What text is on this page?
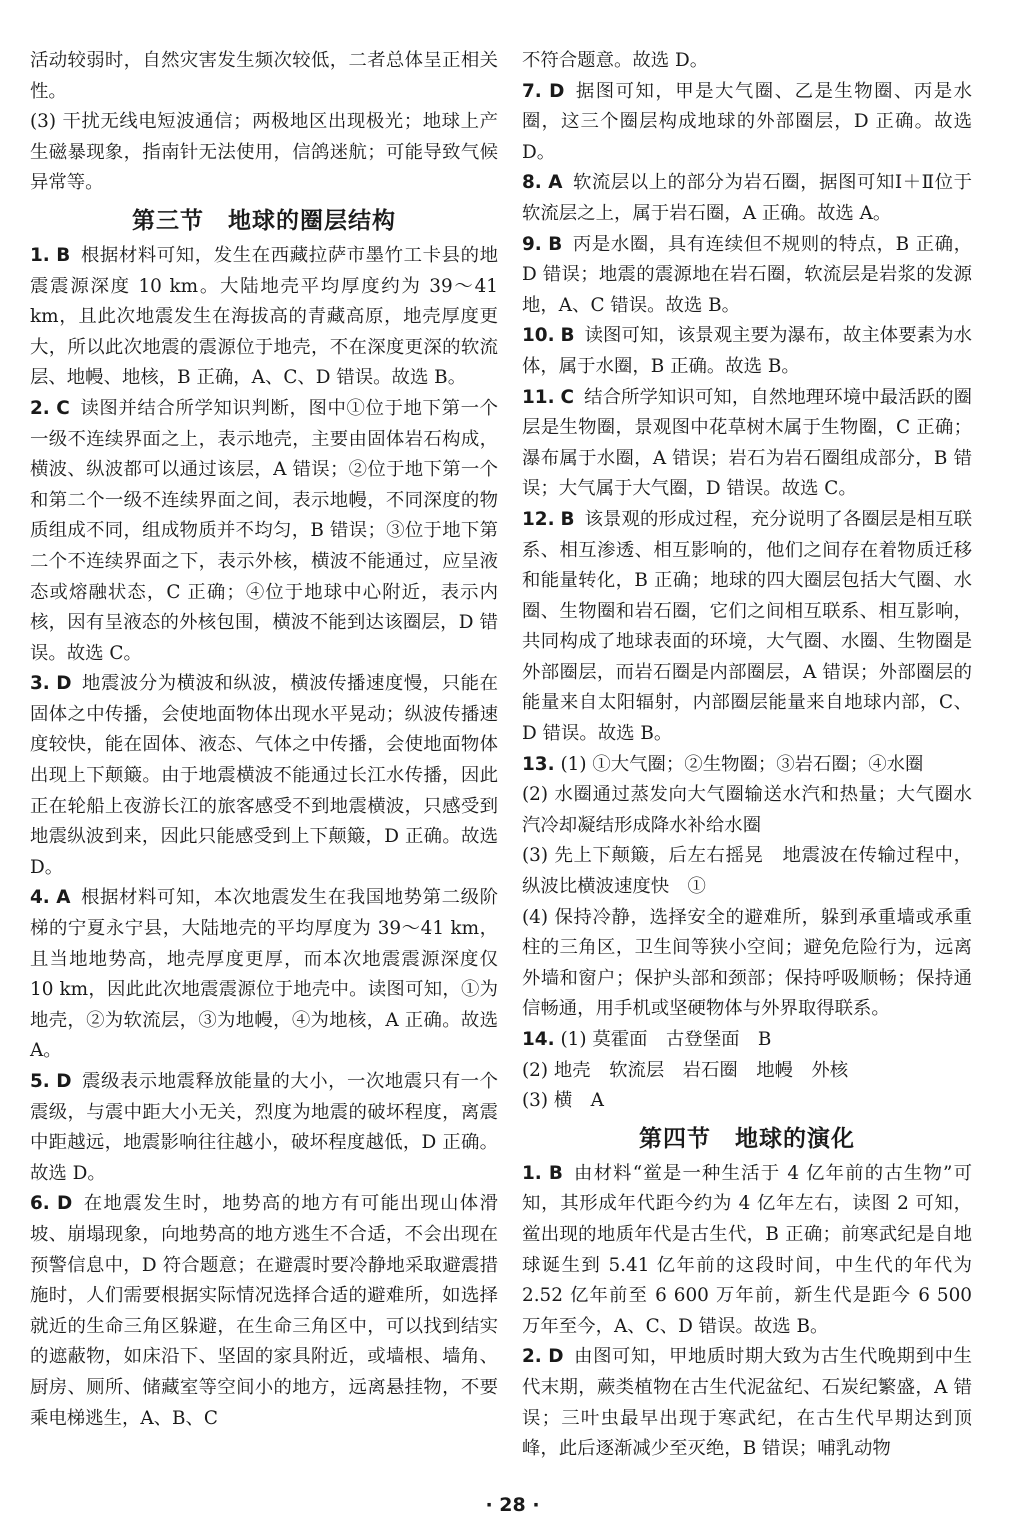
活动较弱时，自然灾害发生频次较低，二者总体呈正相关性。

(3) 干扰无线电短波通信；两极地区出现极光；地球上产生磁暴现象，指南针无法使用，信鸽迷航；可能导致气候异常等。

第三节　地球的圈层结构

1. B 根据材料可知，发生在西藏拉萨市墨竹工卡县的地震震源深度 10 km。大陆地壳平均厚度约为 39～41 km，且此次地震发生在海拔高的青藏高原，地壳厚度更大，所以此次地震的震源位于地壳，不在深度更深的软流层、地幔、地核，B 正确，A、C、D 错误。故选 B。

2. C 读图并结合所学知识判断，图中①位于地下第一个一级不连续界面之上，表示地壳，主要由固体岩石构成，横波、纵波都可以通过该层，A 错误；②位于地下第一个和第二个一级不连续界面之间，表示地幔，不同深度的物质组成不同，组成物质并不均匀，B 错误；③位于地下第二个不连续界面之下，表示外核，横波不能通过，应呈液态或熔融状态，C 正确；④位于地球中心附近，表示内核，因有呈液态的外核包围，横波不能到达该圈层，D 错误。故选 C。

3. D 地震波分为横波和纵波，横波传播速度慢，只能在固体之中传播，会使地面物体出现水平晃动；纵波传播速度较快，能在固体、液态、气体之中传播，会使地面物体出现上下颠簸。由于地震横波不能通过长江水传播，因此正在轮船上夜游长江的旅客感受不到地震横波，只感受到地震纵波到来，因此只能感受到上下颠簸，D 正确。故选 D。

4. A 根据材料可知，本次地震发生在我国地势第二级阶梯的宁夏永宁县，大陆地壳的平均厚度为 39～41 km，且当地地势高，地壳厚度更厚，而本次地震震源深度仅 10 km，因此此次地震震源位于地壳中。读图可知，①为地壳，②为软流层，③为地幔，④为地核，A 正确。故选 A。

5. D 震级表示地震释放能量的大小，一次地震只有一个震级，与震中距大小无关，烈度为地震的破坏程度，离震中距越远，地震影响往往越小，破坏程度越低，D 正确。故选 D。

6. D 在地震发生时，地势高的地方有可能出现山体滑坡、崩塌现象，向地势高的地方逃生不合适，不会出现在预警信息中，D 符合题意；在避震时要冷静地采取避震措施时，人们需要根据实际情况选择合适的避难所，如选择就近的生命三角区躲避，在生命三角区中，可以找到结实的遮蔽物，如床沿下、坚固的家具附近，或墙根、墙角、厨房、厕所、储藏室等空间小的地方，远离悬挂物，不要乘电梯逃生，A、B、C

不符合题意。故选 D。

7. D 据图可知，甲是大气圈、乙是生物圈、丙是水圈，这三个圈层构成地球的外部圈层，D 正确。故选 D。

8. A 软流层以上的部分为岩石圈，据图可知Ⅰ＋Ⅱ位于软流层之上，属于岩石圈，A 正确。故选 A。

9. B 丙是水圈，具有连续但不规则的特点，B 正确，D 错误；地震的震源地在岩石圈，软流层是岩浆的发源地，A、C 错误。故选 B。

10. B 读图可知，该景观主要为瀑布，故主体要素为水体，属于水圈，B 正确。故选 B。

11. C 结合所学知识可知，自然地理环境中最活跃的圈层是生物圈，景观图中花草树木属于生物圈，C 正确；瀑布属于水圈，A 错误；岩石为岩石圈组成部分，B 错误；大气属于大气圈，D 错误。故选 C。

12. B 该景观的形成过程，充分说明了各圈层是相互联系、相互渗透、相互影响的，他们之间存在着物质迁移和能量转化，B 正确；地球的四大圈层包括大气圈、水圈、生物圈和岩石圈，它们之间相互联系、相互影响，共同构成了地球表面的环境，大气圈、水圈、生物圈是外部圈层，而岩石圈是内部圈层，A 错误；外部圈层的能量来自太阳辐射，内部圈层能量来自地球内部，C、D 错误。故选 B。

13. (1) ①大气圈；②生物圈；③岩石圈；④水圈

(2) 水圈通过蒸发向大气圈输送水汽和热量；大气圈水汽冷却凝结形成降水补给水圈

(3) 先上下颠簸，后左右摇晃　地震波在传输过程中，纵波比横波速度快　①

(4) 保持冷静，选择安全的避难所，躲到承重墙或承重柱的三角区，卫生间等狭小空间；避免危险行为，远离外墙和窗户；保护头部和颈部；保持呼吸顺畅；保持通信畅通，用手机或坚硬物体与外界取得联系。

14. (1) 莫霍面　古登堡面　B

(2) 地壳　软流层　岩石圈　地幔　外核

(3) 横　A

第四节　地球的演化

1. B 由材料“鲎是一种生活于 4 亿年前的古生物”可知，其形成年代距今约为 4 亿年左右，读图 2 可知，鲎出现的地质年代是古生代，B 正确；前寒武纪是自地球诞生到 5.41 亿年前的这段时间，中生代的年代为 2.52 亿年前至 6 600 万年前，新生代是距今 6 500 万年至今，A、C、D 错误。故选 B。

2. D 由图可知，甲地质时期大致为古生代晚期到中生代末期，蕨类植物在古生代泥盆纪、石炭纪繁盛，A 错误；三叶虫最早出现于寒武纪，在古生代早期达到顶峰，此后逐渐减少至灭绝，B 错误；哺乳动物

· 28 ·
